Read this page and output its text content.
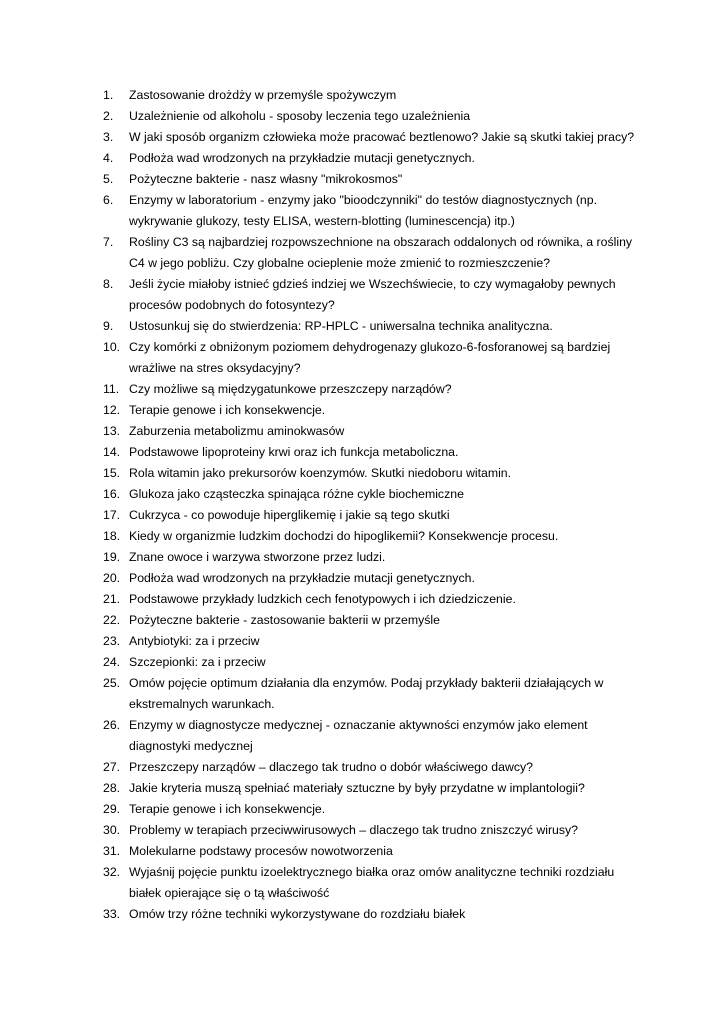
1.	Zastosowanie drożdży w przemyśle spożywczym
2.	Uzależnienie od alkoholu - sposoby leczenia tego uzależnienia
3.	W jaki sposób organizm człowieka może pracować beztlenowo? Jakie są skutki takiej pracy?
4.	Podłoża wad wrodzonych na przykładzie mutacji genetycznych.
5.	Pożyteczne bakterie - nasz własny "mikrokosmos"
6.	Enzymy w laboratorium - enzymy jako "bioodczynniki" do testów diagnostycznych (np. wykrywanie glukozy, testy ELISA, western-blotting (luminescencja) itp.)
7.	Rośliny C3 są najbardziej rozpowszechnione na obszarach oddalonych od równika, a rośliny C4 w jego pobliżu. Czy globalne ocieplenie może zmienić to rozmieszczenie?
8.	Jeśli życie miałoby istnieć gdzieś indziej we Wszechświecie, to czy wymagałoby pewnych procesów podobnych do fotosyntezy?
9.	Ustosunkuj się do stwierdzenia: RP-HPLC - uniwersalna technika analityczna.
10. Czy komórki z obniżonym poziomem dehydrogenazy glukozo-6-fosforanowej są bardziej wrażliwe na stres oksydacyjny?
11. Czy możliwe są międzygatunkowe przeszczepy narządów?
12. Terapie genowe i ich konsekwencje.
13. Zaburzenia metabolizmu aminokwasów
14. Podstawowe lipoproteiny krwi oraz ich funkcja metaboliczna.
15. Rola witamin jako prekursorów koenzymów. Skutki niedoboru witamin.
16. Glukoza jako cząsteczka spinająca różne cykle biochemiczne
17. Cukrzyca - co powoduje hiperglikemię i jakie są tego skutki
18. Kiedy w organizmie ludzkim dochodzi do hipoglikemii? Konsekwencje procesu.
19. Znane owoce i warzywa stworzone przez ludzi.
20. Podłoża wad wrodzonych na przykładzie mutacji genetycznych.
21. Podstawowe przykłady ludzkich cech fenotypowych i ich dziedziczenie.
22. Pożyteczne bakterie - zastosowanie bakterii w przemyśle
23. Antybiotyki: za i przeciw
24. Szczepionki: za i przeciw
25. Omów pojęcie optimum działania dla enzymów. Podaj przykłady bakterii działających w ekstremalnych warunkach.
26. Enzymy w diagnostycze medycznej - oznaczanie aktywności enzymów jako element diagnostyki medycznej
27. Przeszczepy narządów – dlaczego tak trudno o dobór właściwego dawcy?
28. Jakie kryteria muszą spełniać materiały sztuczne by były przydatne w implantologii?
29. Terapie genowe i ich konsekwencje.
30. Problemy w terapiach przeciwwirusowych – dlaczego tak trudno zniszczyć wirusy?
31. Molekularne podstawy procesów nowotworzenia
32. Wyjaśnij pojęcie punktu izoelektrycznego białka oraz omów analityczne techniki rozdziału białek opierające się o tą właściwość
33. Omów trzy różne techniki wykorzystywane do rozdziału białek
